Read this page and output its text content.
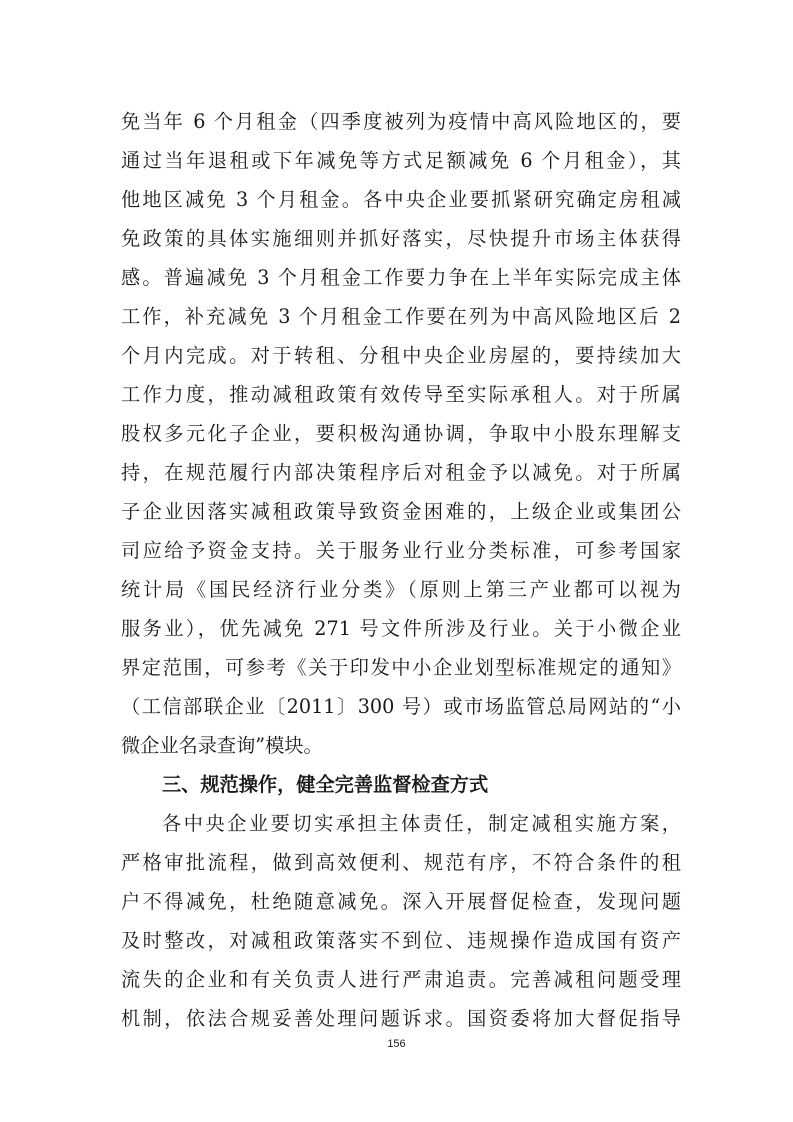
免当年 6 个月租金（四季度被列为疫情中高风险地区的，要
通过当年退租或下年减免等方式足额减免 6 个月租金），其
他地区减免 3 个月租金。各中央企业要抓紧研究确定房租减
免政策的具体实施细则并抓好落实，尽快提升市场主体获得
感。普遍减免 3 个月租金工作要力争在上半年实际完成主体
工作，补充减免 3 个月租金工作要在列为中高风险地区后 2
个月内完成。对于转租、分租中央企业房屋的，要持续加大
工作力度，推动减租政策有效传导至实际承租人。对于所属
股权多元化子企业，要积极沟通协调，争取中小股东理解支
持，在规范履行内部决策程序后对租金予以减免。对于所属
子企业因落实减租政策导致资金困难的，上级企业或集团公
司应给予资金支持。关于服务业行业分类标准，可参考国家
统计局《国民经济行业分类》（原则上第三产业都可以视为
服务业），优先减免 271 号文件所涉及行业。关于小微企业
界定范围，可参考《关于印发中小企业划型标准规定的通知》
（工信部联企业〔2011〕300 号）或市场监管总局网站的“小
微企业名录查询”模块。
三、规范操作，健全完善监督检查方式
各中央企业要切实承担主体责任，制定减租实施方案，
严格审批流程，做到高效便利、规范有序，不符合条件的租
户不得减免，杜绝随意减免。深入开展督促检查，发现问题
及时整改，对减租政策落实不到位、违规操作造成国有资产
流失的企业和有关负责人进行严肃追责。完善减租问题受理
机制，依法合规妥善处理问题诉求。国资委将加大督促指导
156
